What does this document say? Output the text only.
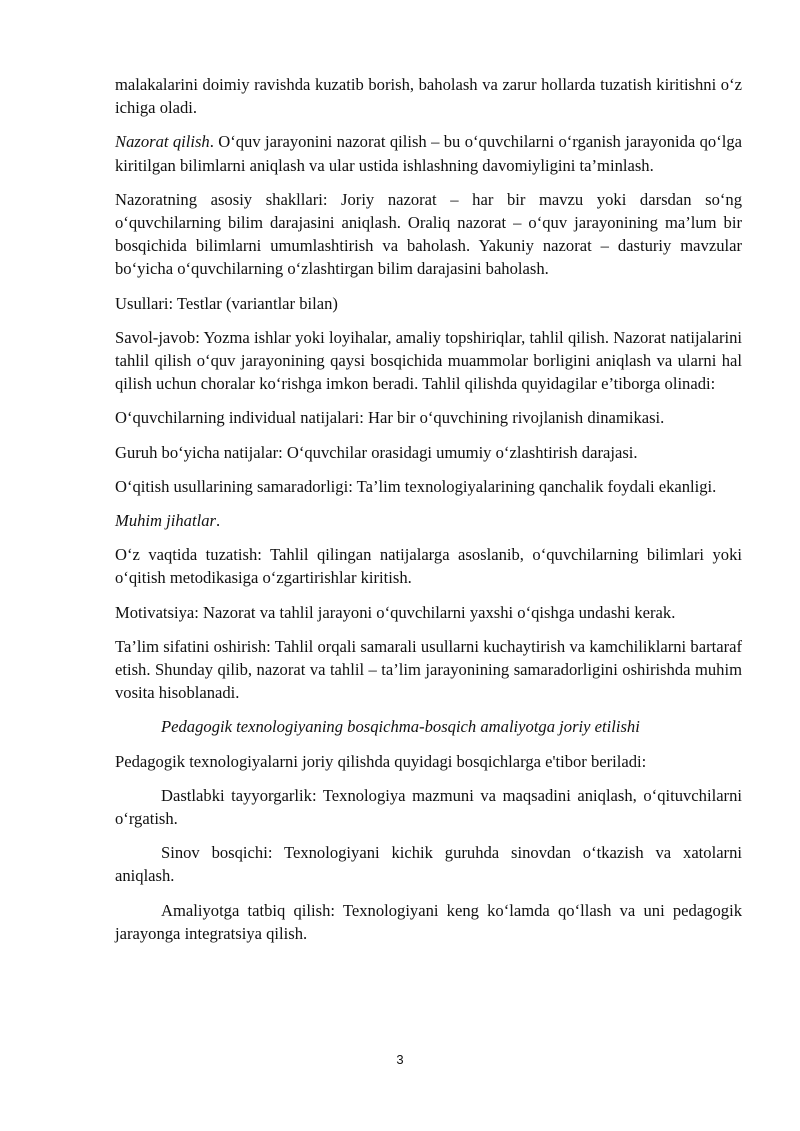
malakalarini doimiy ravishda kuzatib borish, baholash va zarur hollarda tuzatish kiritishni o‘z ichiga oladi.

Nazorat qilish. O‘quv jarayonini nazorat qilish – bu o‘quvchilarni o‘rganish jarayonida qo‘lga kiritilgan bilimlarni aniqlash va ular ustida ishlashning davomiyligini ta’minlash.

Nazoratning asosiy shakllari: Joriy nazorat – har bir mavzu yoki darsdan so‘ng o‘quvchilarning bilim darajasini aniqlash. Oraliq nazorat – o‘quv jarayonining ma’lum bir bosqichida bilimlarni umumlashtirish va baholash. Yakuniy nazorat – dasturiy mavzular bo‘yicha o‘quvchilarning o‘zlashtirgan bilim darajasini baholash.

Usullari: Testlar (variantlar bilan)

Savol-javob: Yozma ishlar yoki loyihalar, amaliy topshiriqlar, tahlil qilish. Nazorat natijalarini tahlil qilish o‘quv jarayonining qaysi bosqichida muammolar borligini aniqlash va ularni hal qilish uchun choralar ko‘rishga imkon beradi. Tahlil qilishda quyidagilar e’tiborga olinadi:

O‘quvchilarning individual natijalari: Har bir o‘quvchining rivojlanish dinamikasi.

Guruh bo‘yicha natijalar: O‘quvchilar orasidagi umumiy o‘zlashtirish darajasi.

O‘qitish usullarining samaradorligi: Ta’lim texnologiyalarining qanchalik foydali ekanligi.

Muhim jihatlar.

O‘z vaqtida tuzatish: Tahlil qilingan natijalarga asoslanib, o‘quvchilarning bilimlari yoki o‘qitish metodikasiga o‘zgartirishlar kiritish.

Motivatsiya: Nazorat va tahlil jarayoni o‘quvchilarni yaxshi o‘qishga undashi kerak.

Ta’lim sifatini oshirish: Tahlil orqali samarali usullarni kuchaytirish va kamchiliklarni bartaraf etish. Shunday qilib, nazorat va tahlil – ta’lim jarayonining samaradorligini oshirishda muhim vosita hisoblanadi.

Pedagogik texnologiyaning bosqichma-bosqich amaliyotga joriy etilishi

Pedagogik texnologiyalarni joriy qilishda quyidagi bosqichlarga e'tibor beriladi:

Dastlabki tayyorgarlik: Texnologiya mazmuni va maqsadini aniqlash, o‘qituvchilarni o‘rgatish.

Sinov bosqichi: Texnologiyani kichik guruhda sinovdan o‘tkazish va xatolarni aniqlash.

Amaliyotga tatbiq qilish: Texnologiyani keng ko‘lamda qo‘llash va uni pedagogik jarayonga integratsiya qilish.

3
